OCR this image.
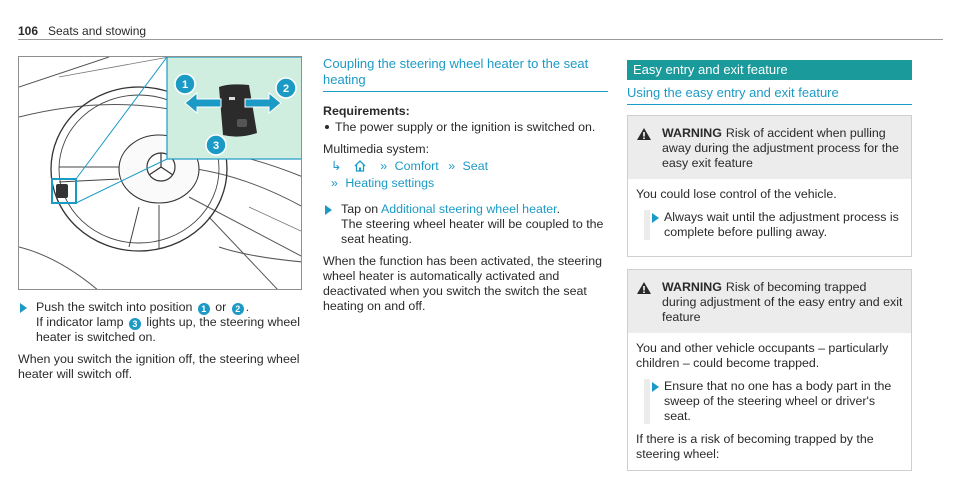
106 Seats and stowing
1	2
3
Push the switch into position 1 or 2 .
If indicator lamp 3 lights up, the steering wheel heater is switched on.
When you switch the ignition off, the steering wheel heater will switch off.
Coupling the steering wheel heater to the seat heating
Requirements:
The power supply or the ignition is switched on.
Multimedia system:
↳	» Comfort » Seat
» Heating settings
Tap on Additional steering wheel heater.
The steering wheel heater will be coupled to the seat heating.
When the function has been activated, the steering wheel heater is automatically activated and deactivated when you switch the switch the seat heating on and off.
Easy entry and exit feature
Using the easy entry and exit feature
WARNING Risk of accident when pulling away during the adjustment process for the easy exit feature
You could lose control of the vehicle.
Always wait until the adjustment process is complete before pulling away.
WARNING Risk of becoming trapped during adjustment of the easy entry and exit feature
You and other vehicle occupants – particularly children – could become trapped.
Ensure that no one has a body part in the sweep of the steering wheel or driver's seat.
If there is a risk of becoming trapped by the steering wheel:
